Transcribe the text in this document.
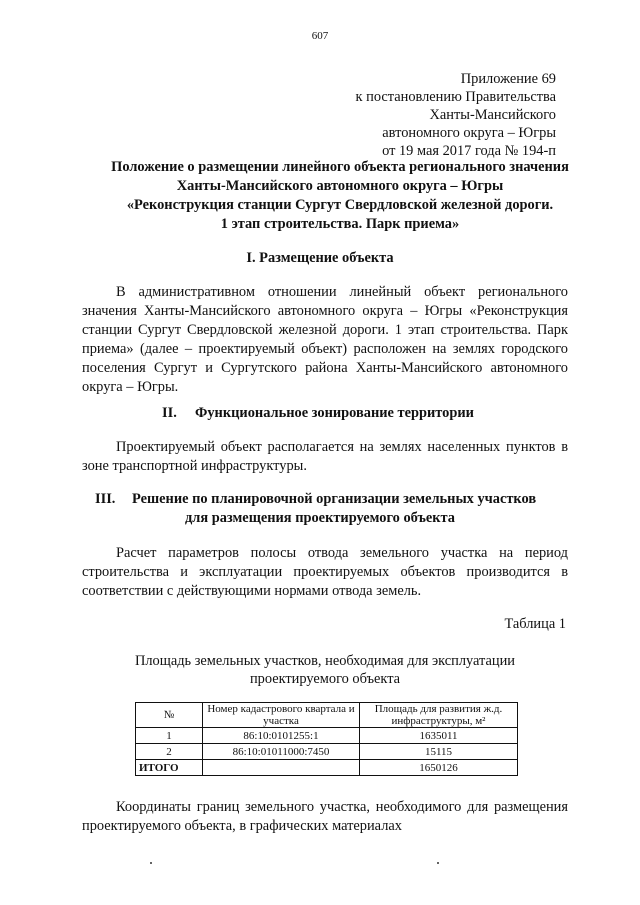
607
Приложение 69
к постановлению Правительства
Ханты-Мансийского
автономного округа – Югры
от 19 мая 2017 года № 194-п
Положение о размещении линейного объекта регионального значения
Ханты-Мансийского автономного округа – Югры
«Реконструкция станции Сургут Свердловской железной дороги.
1 этап строительства. Парк приема»
I. Размещение объекта
В административном отношении линейный объект регионального значения Ханты-Мансийского автономного округа – Югры «Реконструкция станции Сургут Свердловской железной дороги. 1 этап строительства. Парк приема» (далее – проектируемый объект) расположен на землях городского поселения Сургут и Сургутского района Ханты-Мансийского автономного округа – Югры.
II. Функциональное зонирование территории
Проектируемый объект располагается на землях населенных пунктов в зоне транспортной инфраструктуры.
III. Решение по планировочной организации земельных участков
для размещения проектируемого объекта
Расчет параметров полосы отвода земельного участка на период строительства и эксплуатации проектируемых объектов производится в соответствии с действующими нормами отвода земель.
Таблица 1
Площадь земельных участков, необходимая для эксплуатации
проектируемого объекта
№	Номер кадастрового квартала и участка	Площадь для развития ж.д. инфраструктуры, м²
1	86:10:0101255:1	1635011
2	86:10:01011000:7450	15115
ИТОГО		1650126
Координаты границ земельного участка, необходимого для размещения проектируемого объекта, в графических материалах
